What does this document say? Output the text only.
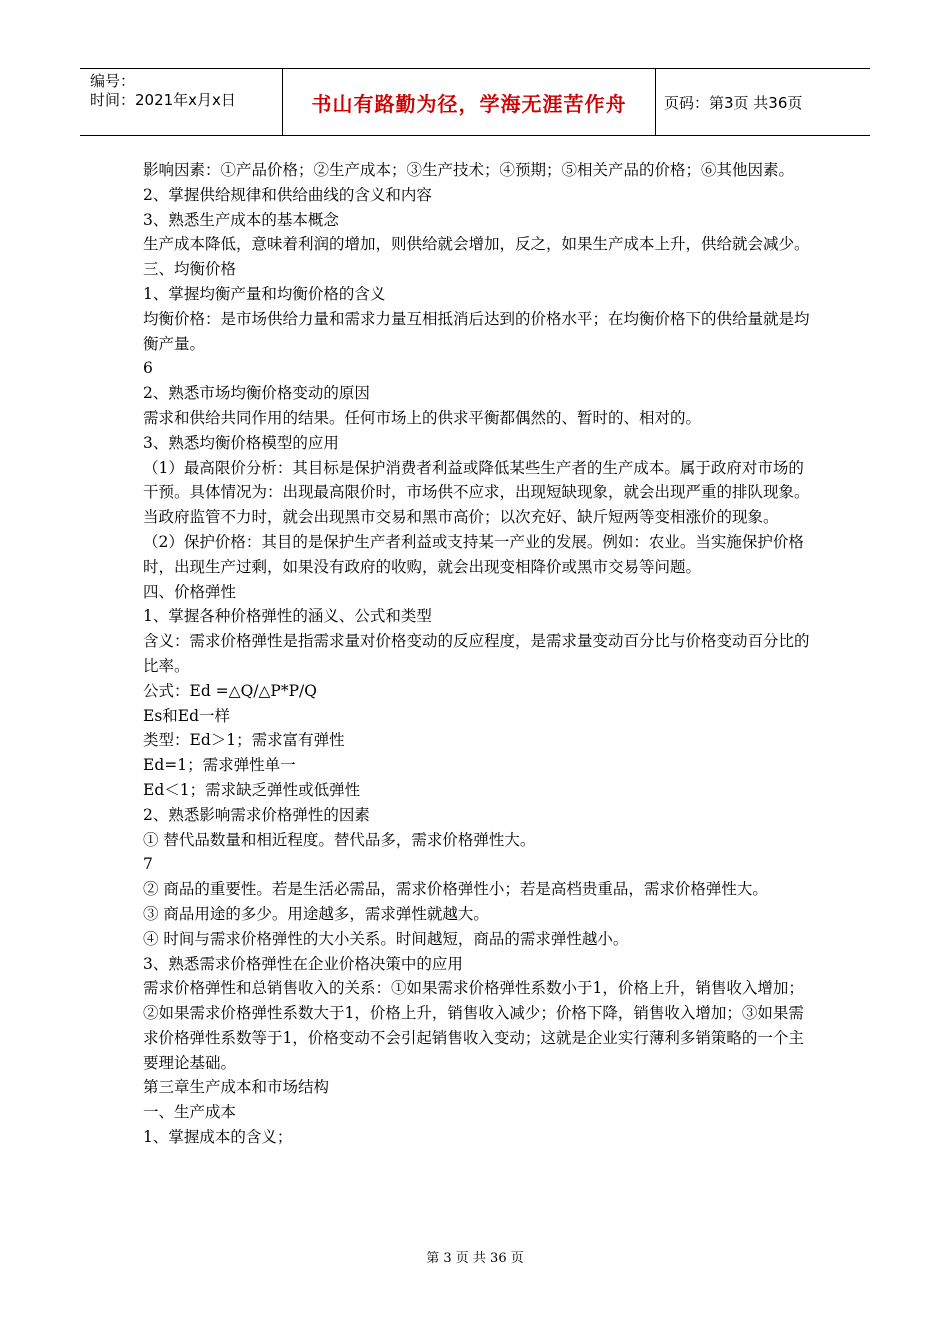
编号：
时间：2021年x月x日	书山有路勤为径，学海无涯苦作舟	页码：第3页 共36页

影响因素：①产品价格；②生产成本；③生产技术；④预期；⑤相关产品的价格；⑥其他因素。

2、掌握供给规律和供给曲线的含义和内容

3、熟悉生产成本的基本概念

生产成本降低，意味着利润的增加，则供给就会增加，反之，如果生产成本上升，供给就会减少。

三、均衡价格

1、掌握均衡产量和均衡价格的含义

均衡价格：是市场供给力量和需求力量互相抵消后达到的价格水平；在均衡价格下的供给量就是均衡产量。

6

2、熟悉市场均衡价格变动的原因

需求和供给共同作用的结果。任何市场上的供求平衡都偶然的、暂时的、相对的。

3、熟悉均衡价格模型的应用

（1）最高限价分析：其目标是保护消费者利益或降低某些生产者的生产成本。属于政府对市场的干预。具体情况为：出现最高限价时，市场供不应求，出现短缺现象，就会出现严重的排队现象。当政府监管不力时，就会出现黑市交易和黑市高价；以次充好、缺斤短两等变相涨价的现象。

（2）保护价格：其目的是保护生产者利益或支持某一产业的发展。例如：农业。当实施保护价格时，出现生产过剩，如果没有政府的收购，就会出现变相降价或黑市交易等问题。

四、价格弹性

1、掌握各种价格弹性的涵义、公式和类型

含义：需求价格弹性是指需求量对价格变动的反应程度，是需求量变动百分比与价格变动百分比的比率。

公式：Ed =△Q/△P*P/Q

Es和Ed一样

类型：Ed＞1；需求富有弹性

Ed=1；需求弹性单一

Ed＜1；需求缺乏弹性或低弹性

2、熟悉影响需求价格弹性的因素

① 替代品数量和相近程度。替代品多，需求价格弹性大。

7

② 商品的重要性。若是生活必需品，需求价格弹性小；若是高档贵重品，需求价格弹性大。

③ 商品用途的多少。用途越多，需求弹性就越大。

④ 时间与需求价格弹性的大小关系。时间越短，商品的需求弹性越小。

3、熟悉需求价格弹性在企业价格决策中的应用

需求价格弹性和总销售收入的关系：①如果需求价格弹性系数小于1，价格上升，销售收入增加；②如果需求价格弹性系数大于1，价格上升，销售收入减少；价格下降，销售收入增加；③如果需求价格弹性系数等于1，价格变动不会引起销售收入变动；这就是企业实行薄利多销策略的一个主要理论基础。

第三章生产成本和市场结构

一、生产成本

1、掌握成本的含义；

第 3 页 共 36 页
